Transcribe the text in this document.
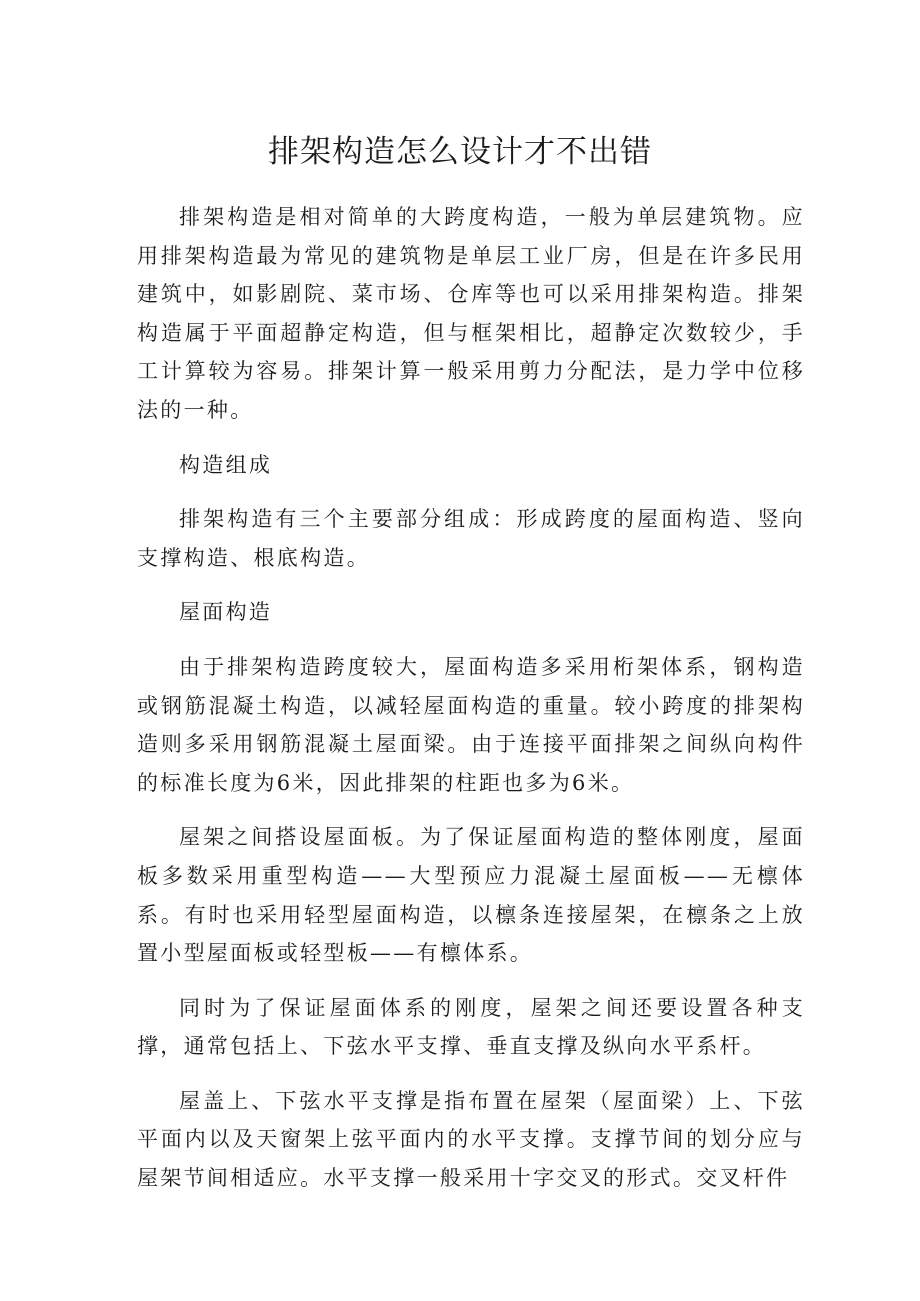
排架构造怎么设计才不出错

排架构造是相对简单的大跨度构造，一般为单层建筑物。应用排架构造最为常见的建筑物是单层工业厂房，但是在许多民用建筑中，如影剧院、菜市场、仓库等也可以采用排架构造。排架构造属于平面超静定构造，但与框架相比，超静定次数较少，手工计算较为容易。排架计算一般采用剪力分配法，是力学中位移法的一种。

构造组成

排架构造有三个主要部分组成：形成跨度的屋面构造、竖向支撑构造、根底构造。

屋面构造

由于排架构造跨度较大，屋面构造多采用桁架体系，钢构造或钢筋混凝土构造，以减轻屋面构造的重量。较小跨度的排架构造则多采用钢筋混凝土屋面梁。由于连接平面排架之间纵向构件的标准长度为6米，因此排架的柱距也多为6米。

屋架之间搭设屋面板。为了保证屋面构造的整体刚度，屋面板多数采用重型构造——大型预应力混凝土屋面板——无檩体系。有时也采用轻型屋面构造，以檩条连接屋架，在檩条之上放置小型屋面板或轻型板——有檩体系。

同时为了保证屋面体系的刚度，屋架之间还要设置各种支撑，通常包括上、下弦水平支撑、垂直支撑及纵向水平系杆。

屋盖上、下弦水平支撑是指布置在屋架（屋面梁）上、下弦平面内以及天窗架上弦平面内的水平支撑。支撑节间的划分应与屋架节间相适应。水平支撑一般采用十字交叉的形式。交叉杆件
